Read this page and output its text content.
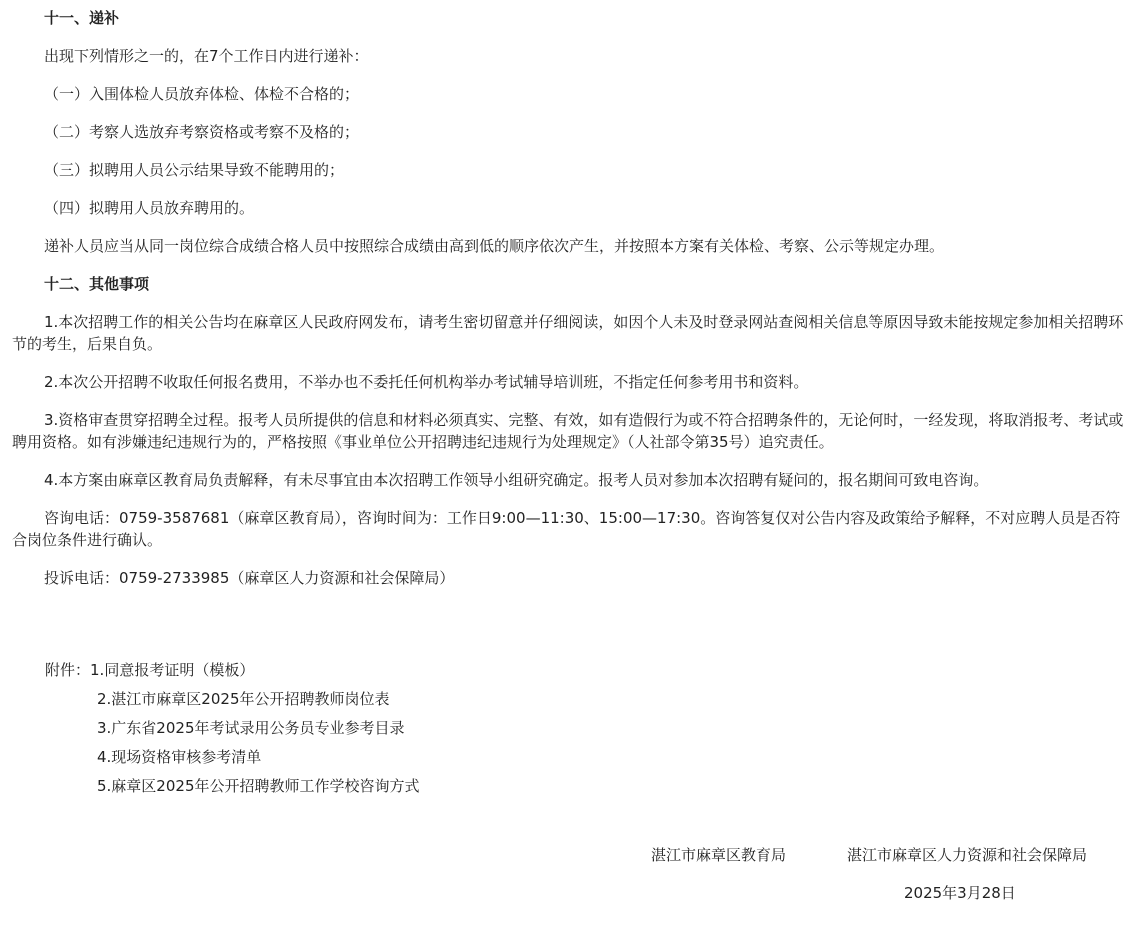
十一、递补

出现下列情形之一的，在7个工作日内进行递补：

（一）入围体检人员放弃体检、体检不合格的；

（二）考察人选放弃考察资格或考察不及格的；

（三）拟聘用人员公示结果导致不能聘用的；

（四）拟聘用人员放弃聘用的。

递补人员应当从同一岗位综合成绩合格人员中按照综合成绩由高到低的顺序依次产生，并按照本方案有关体检、考察、公示等规定办理。

十二、其他事项

1.本次招聘工作的相关公告均在麻章区人民政府网发布，请考生密切留意并仔细阅读，如因个人未及时登录网站查阅相关信息等原因导致未能按规定参加相关招聘环节的考生，后果自负。

2.本次公开招聘不收取任何报名费用，不举办也不委托任何机构举办考试辅导培训班，不指定任何参考用书和资料。

3.资格审查贯穿招聘全过程。报考人员所提供的信息和材料必须真实、完整、有效，如有造假行为或不符合招聘条件的，无论何时，一经发现，将取消报考、考试或聘用资格。如有涉嫌违纪违规行为的，严格按照《事业单位公开招聘违纪违规行为处理规定》（人社部令第35号）追究责任。

4.本方案由麻章区教育局负责解释，有未尽事宜由本次招聘工作领导小组研究确定。报考人员对参加本次招聘有疑问的，报名期间可致电咨询。

咨询电话：0759-3587681（麻章区教育局），咨询时间为：工作日9:00—11:30、15:00—17:30。咨询答复仅对公告内容及政策给予解释，不对应聘人员是否符合岗位条件进行确认。

投诉电话：0759-2733985（麻章区人力资源和社会保障局）

附件：1.同意报考证明（模板）
2.湛江市麻章区2025年公开招聘教师岗位表
3.广东省2025年考试录用公务员专业参考目录
4.现场资格审核参考清单
5.麻章区2025年公开招聘教师工作学校咨询方式
湛江市麻章区教育局	湛江市麻章区人力资源和社会保障局
2025年3月28日
